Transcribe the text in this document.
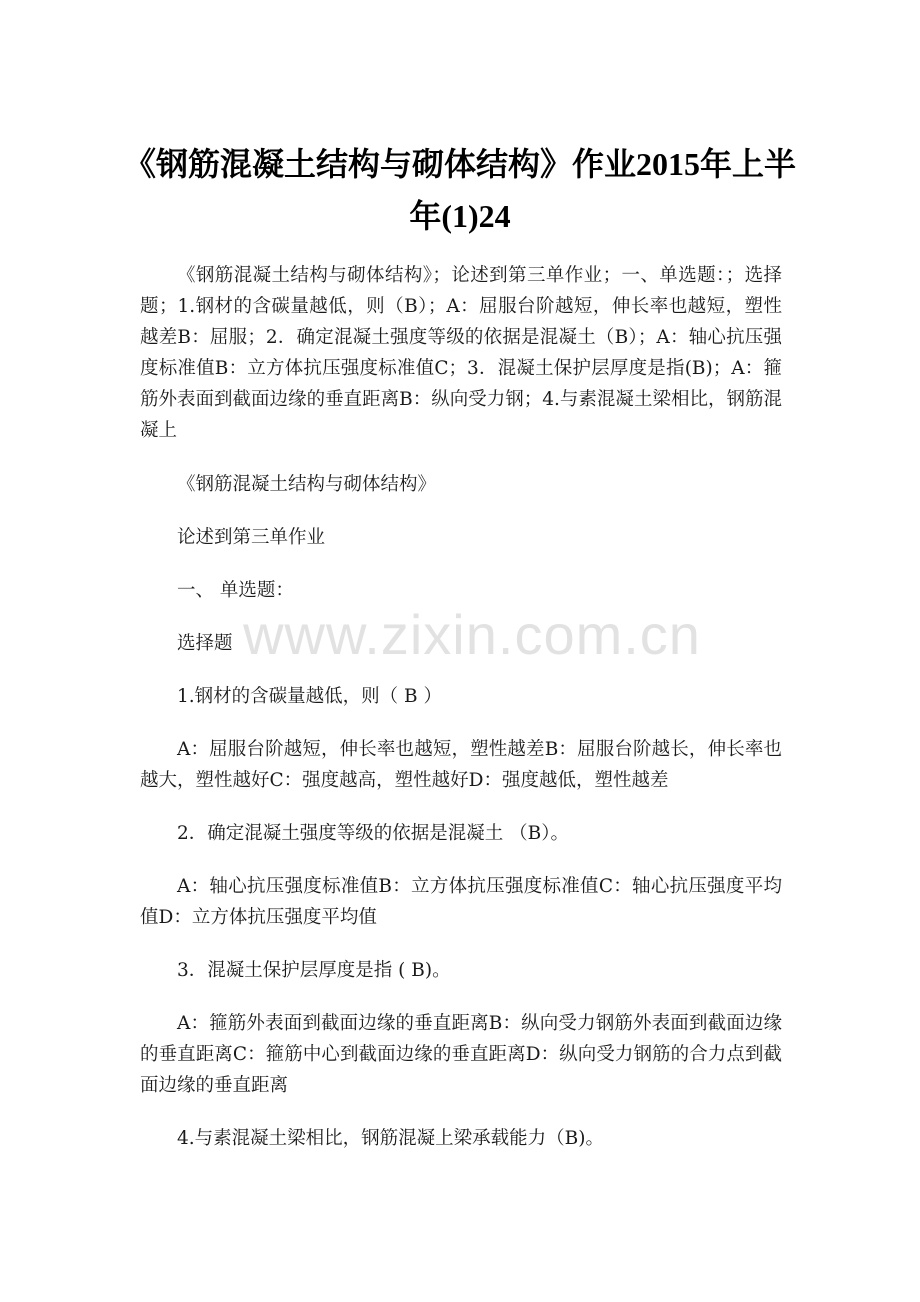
《钢筋混凝土结构与砌体结构》作业2015年上半年(1)24

《钢筋混凝土结构与砌体结构》；论述到第三单作业；一、单选题：；选择题；1.钢材的含碳量越低，则（B）；A：屈服台阶越短，伸长率也越短，塑性越差B：屈服；2．确定混凝土强度等级的依据是混凝土（B）；A：轴心抗压强度标准值B：立方体抗压强度标准值C；3．混凝土保护层厚度是指(B)；A：箍筋外表面到截面边缘的垂直距离B：纵向受力钢；4.与素混凝土梁相比，钢筋混凝上

《钢筋混凝土结构与砌体结构》

论述到第三单作业

一、 单选题：

选择题

1.钢材的含碳量越低，则（ B ）

A：屈服台阶越短，伸长率也越短，塑性越差B：屈服台阶越长，伸长率也越大，塑性越好C：强度越高，塑性越好D：强度越低，塑性越差

2．确定混凝土强度等级的依据是混凝土 （B）。

A：轴心抗压强度标准值B：立方体抗压强度标准值C：轴心抗压强度平均值D：立方体抗压强度平均值

3．混凝土保护层厚度是指 ( B)。

A：箍筋外表面到截面边缘的垂直距离B：纵向受力钢筋外表面到截面边缘的垂直距离C：箍筋中心到截面边缘的垂直距离D：纵向受力钢筋的合力点到截面边缘的垂直距离

4.与素混凝土梁相比，钢筋混凝上梁承载能力（B)。

www.zixin.com.cn
